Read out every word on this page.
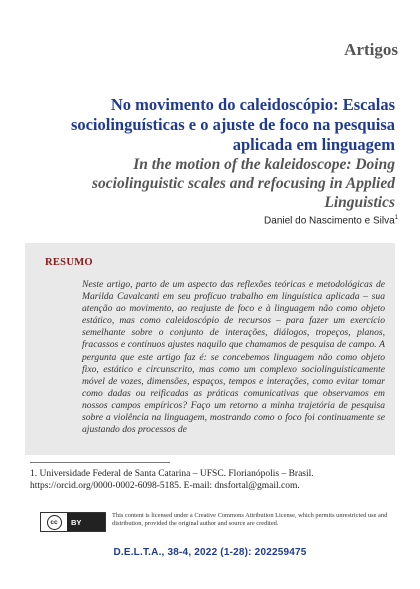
Artigos
No movimento do caleidoscópio: Escalas sociolinguísticas e o ajuste de foco na pesquisa aplicada em linguagem
In the motion of the kaleidoscope: Doing sociolinguistic scales and refocusing in Applied Linguistics
Daniel do Nascimento e Silva$^1$
RESUMO
Neste artigo, parto de um aspecto das reflexões teóricas e metodológicas de Marilda Cavalcanti em seu profícuo trabalho em linguística aplicada – sua atenção ao movimento, ao reajuste de foco e à linguagem não como objeto estático, mas como caleidoscópio de recursos – para fazer um exercício semelhante sobre o conjunto de interações, diálogos, tropeços, planos, fracassos e contínuos ajustes naquilo que chamamos de pesquisa de campo. A pergunta que este artigo faz é: se concebemos linguagem não como objeto fixo, estático e circunscrito, mas como um complexo sociolinguisticamente móvel de vozes, dimensões, espaços, tempos e interações, como evitar tomar como dadas ou reificadas as práticas comunicativas que observamos em nossos campos empíricos? Faço um retorno a minha trajetória de pesquisa sobre a violência na linguagem, mostrando como o foco foi continuamente se ajustando dos processos de
1. Universidade Federal de Santa Catarina – UFSC. Florianópolis – Brasil. https://orcid.org/0000-0002-6098-5185. E-mail: dnsfortal@gmail.com.
cc	BY
This content is licensed under a Creative Commons Attribution License, which permits unrestricted use and distribution, provided the original author and source are credited.
D.E.L.T.A., 38-4, 2022 (1-28): 202259475
